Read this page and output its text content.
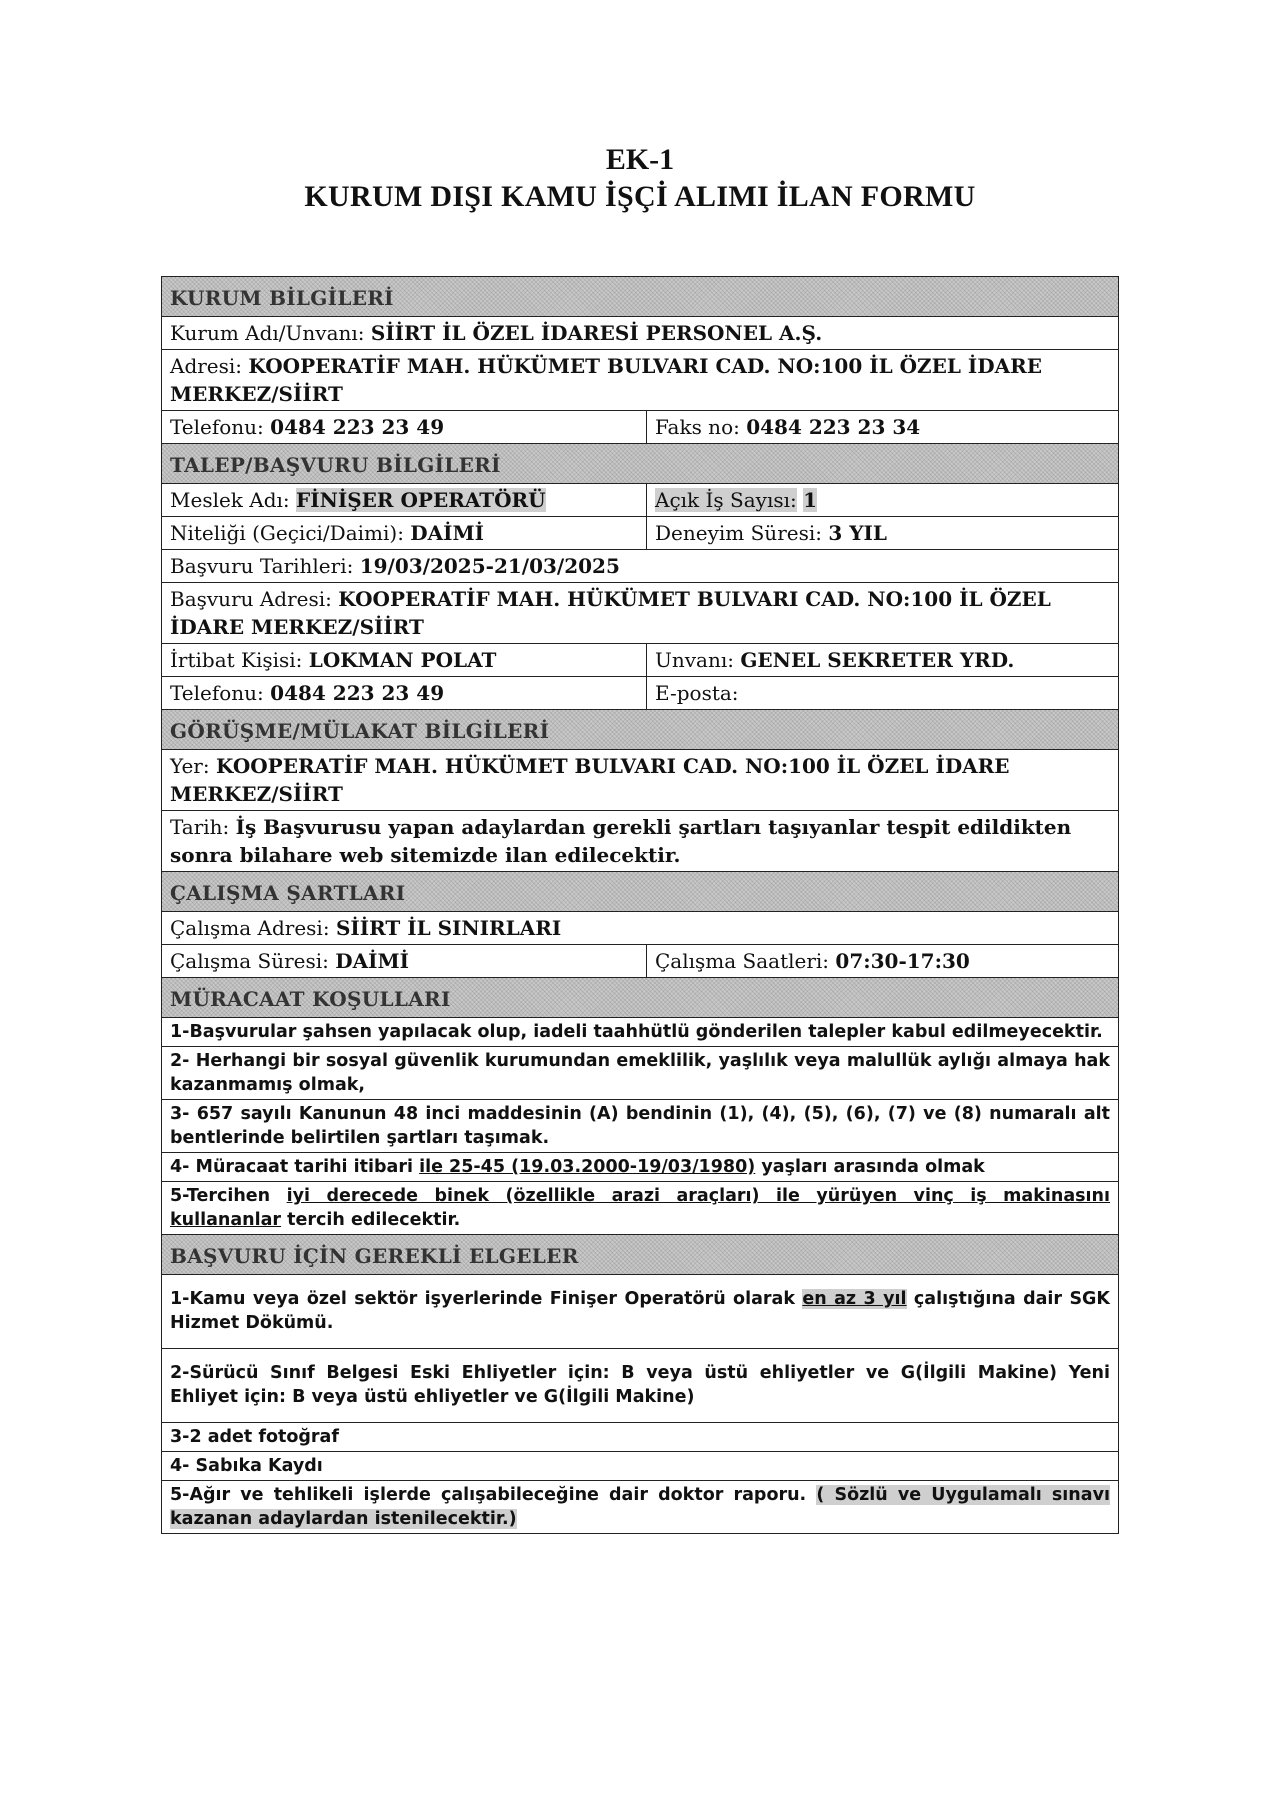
EK-1
KURUM DIŞI KAMU İŞÇİ ALIMI İLAN FORMU
KURUM BİLGİLERİ
Kurum Adı/Unvanı: SİİRT İL ÖZEL İDARESİ PERSONEL A.Ş.
Adresi: KOOPERATİF MAH. HÜKÜMET BULVARI CAD. NO:100 İL ÖZEL İDARE MERKEZ/SİİRT
Telefonu: 0484 223 23 49	Faks no: 0484 223 23 34
TALEP/BAŞVURU BİLGİLERİ
Meslek Adı: FİNİŞER OPERATÖRÜ	Açık İş Sayısı: 1
Niteliği (Geçici/Daimi): DAİMİ	Deneyim Süresi: 3 YIL
Başvuru Tarihleri: 19/03/2025-21/03/2025
Başvuru Adresi: KOOPERATİF MAH. HÜKÜMET BULVARI CAD. NO:100 İL ÖZEL İDARE MERKEZ/SİİRT
İrtibat Kişisi: LOKMAN POLAT	Unvanı: GENEL SEKRETER YRD.
Telefonu: 0484 223 23 49	E-posta:
GÖRÜŞME/MÜLAKAT BİLGİLERİ
Yer: KOOPERATİF MAH. HÜKÜMET BULVARI CAD. NO:100 İL ÖZEL İDARE MERKEZ/SİİRT
Tarih: İş Başvurusu yapan adaylardan gerekli şartları taşıyanlar tespit edildikten sonra bilahare web sitemizde ilan edilecektir.
ÇALIŞMA ŞARTLARI
Çalışma Adresi: SİİRT İL SINIRLARI
Çalışma Süresi: DAİMİ	Çalışma Saatleri: 07:30-17:30
MÜRACAAT KOŞULLARI
1-Başvurular şahsen yapılacak olup, iadeli taahhütlü gönderilen talepler kabul edilmeyecektir.
2- Herhangi bir sosyal güvenlik kurumundan emeklilik, yaşlılık veya malullük aylığı almaya hak kazanmamış olmak,
3- 657 sayılı Kanunun 48 inci maddesinin (A) bendinin (1), (4), (5), (6), (7) ve (8) numaralı alt bentlerinde belirtilen şartları taşımak.
4- Müracaat tarihi itibari ile 25-45 (19.03.2000-19/03/1980) yaşları arasında olmak
5-Tercihen iyi derecede binek (özellikle arazi araçları) ile yürüyen vinç iş makinasını kullananlar tercih edilecektir.
BAŞVURU İÇİN GEREKLİ ELGELER
1-Kamu veya özel sektör işyerlerinde Finişer Operatörü olarak en az 3 yıl çalıştığına dair SGK Hizmet Dökümü.
2-Sürücü Sınıf Belgesi Eski Ehliyetler için: B veya üstü ehliyetler ve G(İlgili Makine) Yeni Ehliyet için: B veya üstü ehliyetler ve G(İlgili Makine)
3-2 adet fotoğraf
4- Sabıka Kaydı
5-Ağır ve tehlikeli işlerde çalışabileceğine dair doktor raporu. ( Sözlü ve Uygulamalı sınavı kazanan adaylardan istenilecektir.)
